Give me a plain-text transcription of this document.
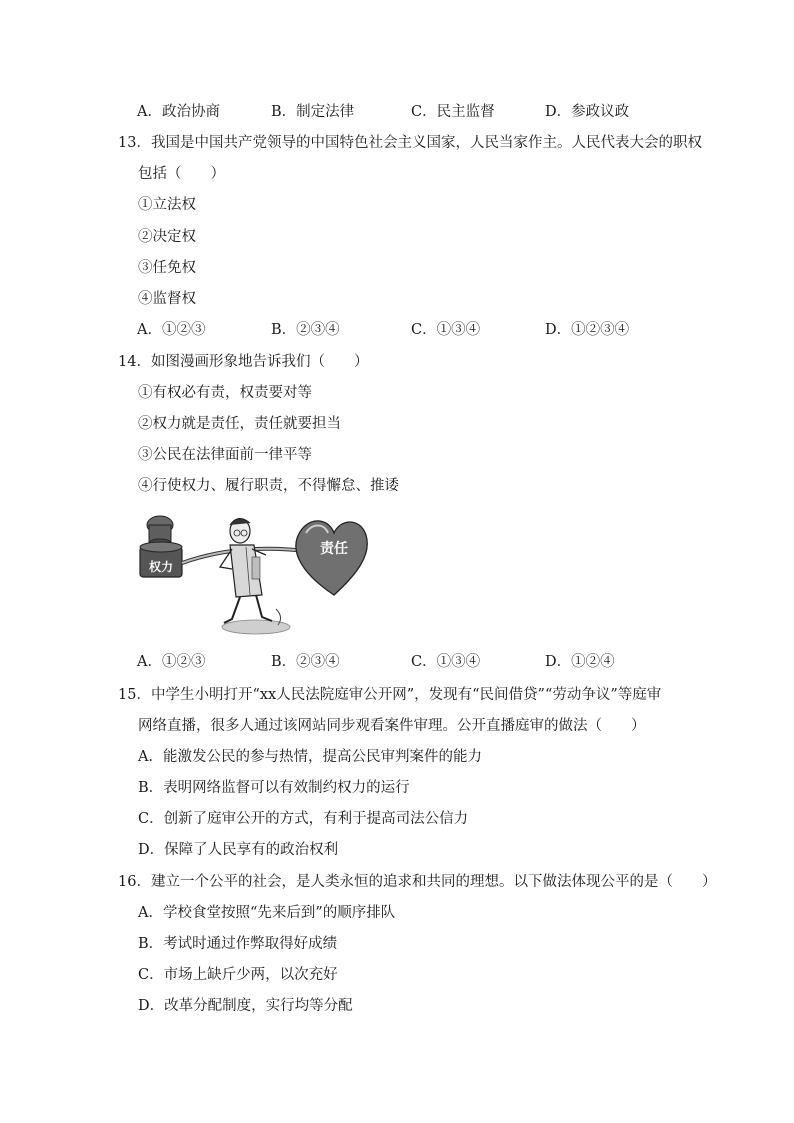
A．政治协商	B．制定法律	C．民主监督	D．参政议政
13．我国是中国共产党领导的中国特色社会主义国家，人民当家作主。人民代表大会的职权
包括（　　）
①立法权
②决定权
③任免权
④监督权
A．①②③	B．②③④	C．①③④	D．①②③④
14．如图漫画形象地告诉我们（　　）
①有权必有责，权责要对等
②权力就是责任，责任就要担当
③公民在法律面前一律平等
④行使权力、履行职责，不得懈怠、推诿
权力
责任
A．①②③	B．②③④	C．①③④	D．①②④
15．中学生小明打开“xx人民法院庭审公开网”，发现有“民间借贷”“劳动争议”等庭审
网络直播，很多人通过该网站同步观看案件审理。公开直播庭审的做法（　　）
A．能激发公民的参与热情，提高公民审判案件的能力
B．表明网络监督可以有效制约权力的运行
C．创新了庭审公开的方式，有利于提高司法公信力
D．保障了人民享有的政治权利
16．建立一个公平的社会，是人类永恒的追求和共同的理想。以下做法体现公平的是（　　）
A．学校食堂按照“先来后到”的顺序排队
B．考试时通过作弊取得好成绩
C．市场上缺斤少两，以次充好
D．改革分配制度，实行均等分配
